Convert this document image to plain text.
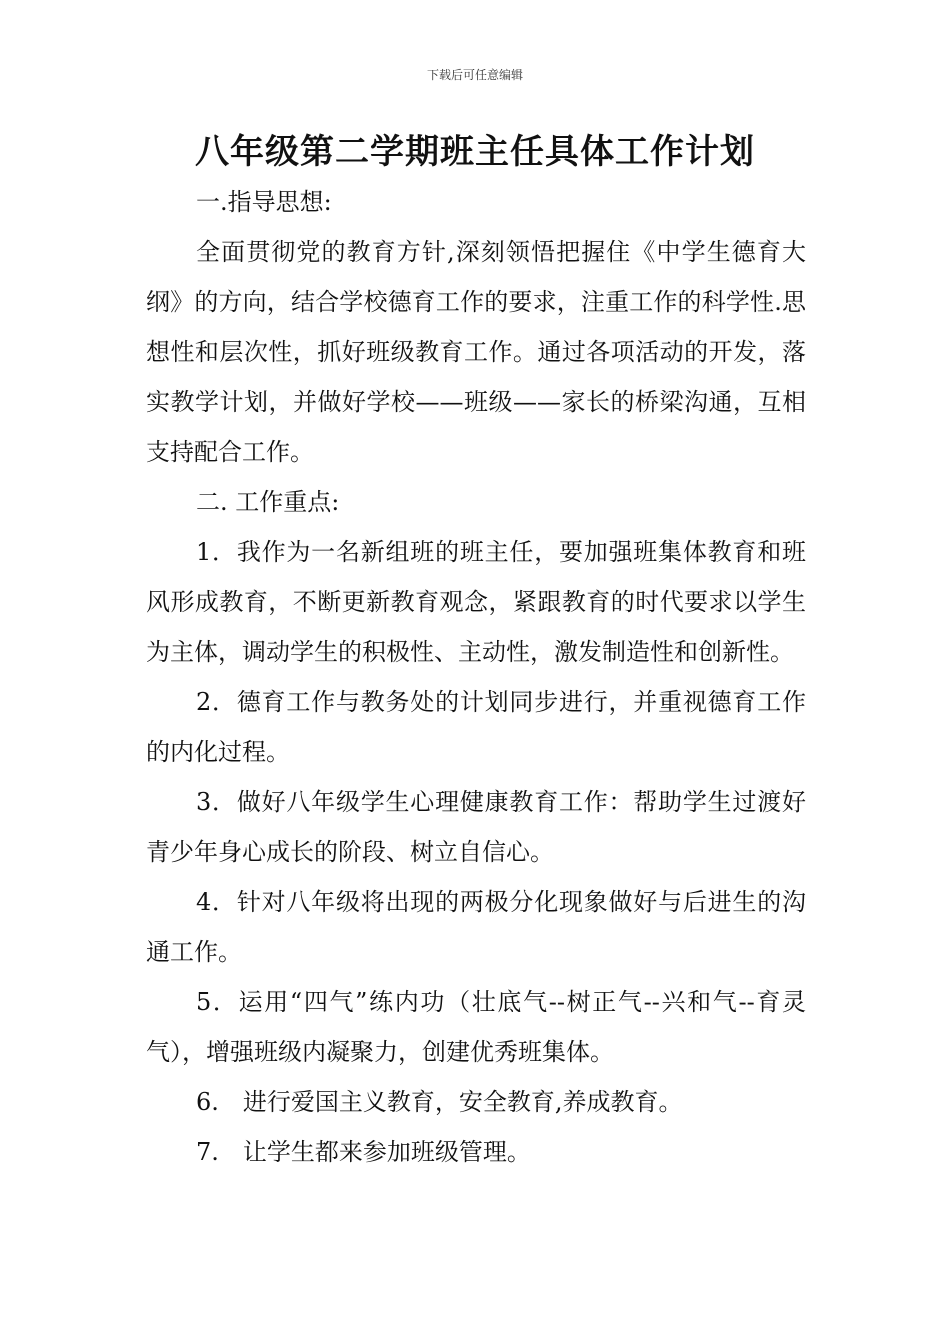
下载后可任意编辑
八年级第二学期班主任具体工作计划

一.指导思想:

全面贯彻党的教育方针,深刻领悟把握住《中学生德育大纲》的方向，结合学校德育工作的要求，注重工作的科学性.思想性和层次性，抓好班级教育工作。通过各项活动的开发，落实教学计划，并做好学校——班级——家长的桥梁沟通，互相支持配合工作。

二. 工作重点:

1．我作为一名新组班的班主任，要加强班集体教育和班风形成教育，不断更新教育观念，紧跟教育的时代要求以学生为主体，调动学生的积极性、主动性，激发制造性和创新性。

2．德育工作与教务处的计划同步进行，并重视德育工作的内化过程。

3．做好八年级学生心理健康教育工作：帮助学生过渡好青少年身心成长的阶段、树立自信心。

4．针对八年级将出现的两极分化现象做好与后进生的沟通工作。

5．运用“四气”练内功（壮底气--树正气--兴和气--育灵气），增强班级内凝聚力，创建优秀班集体。

6.　进行爱国主义教育，安全教育,养成教育。

7.　让学生都来参加班级管理。
